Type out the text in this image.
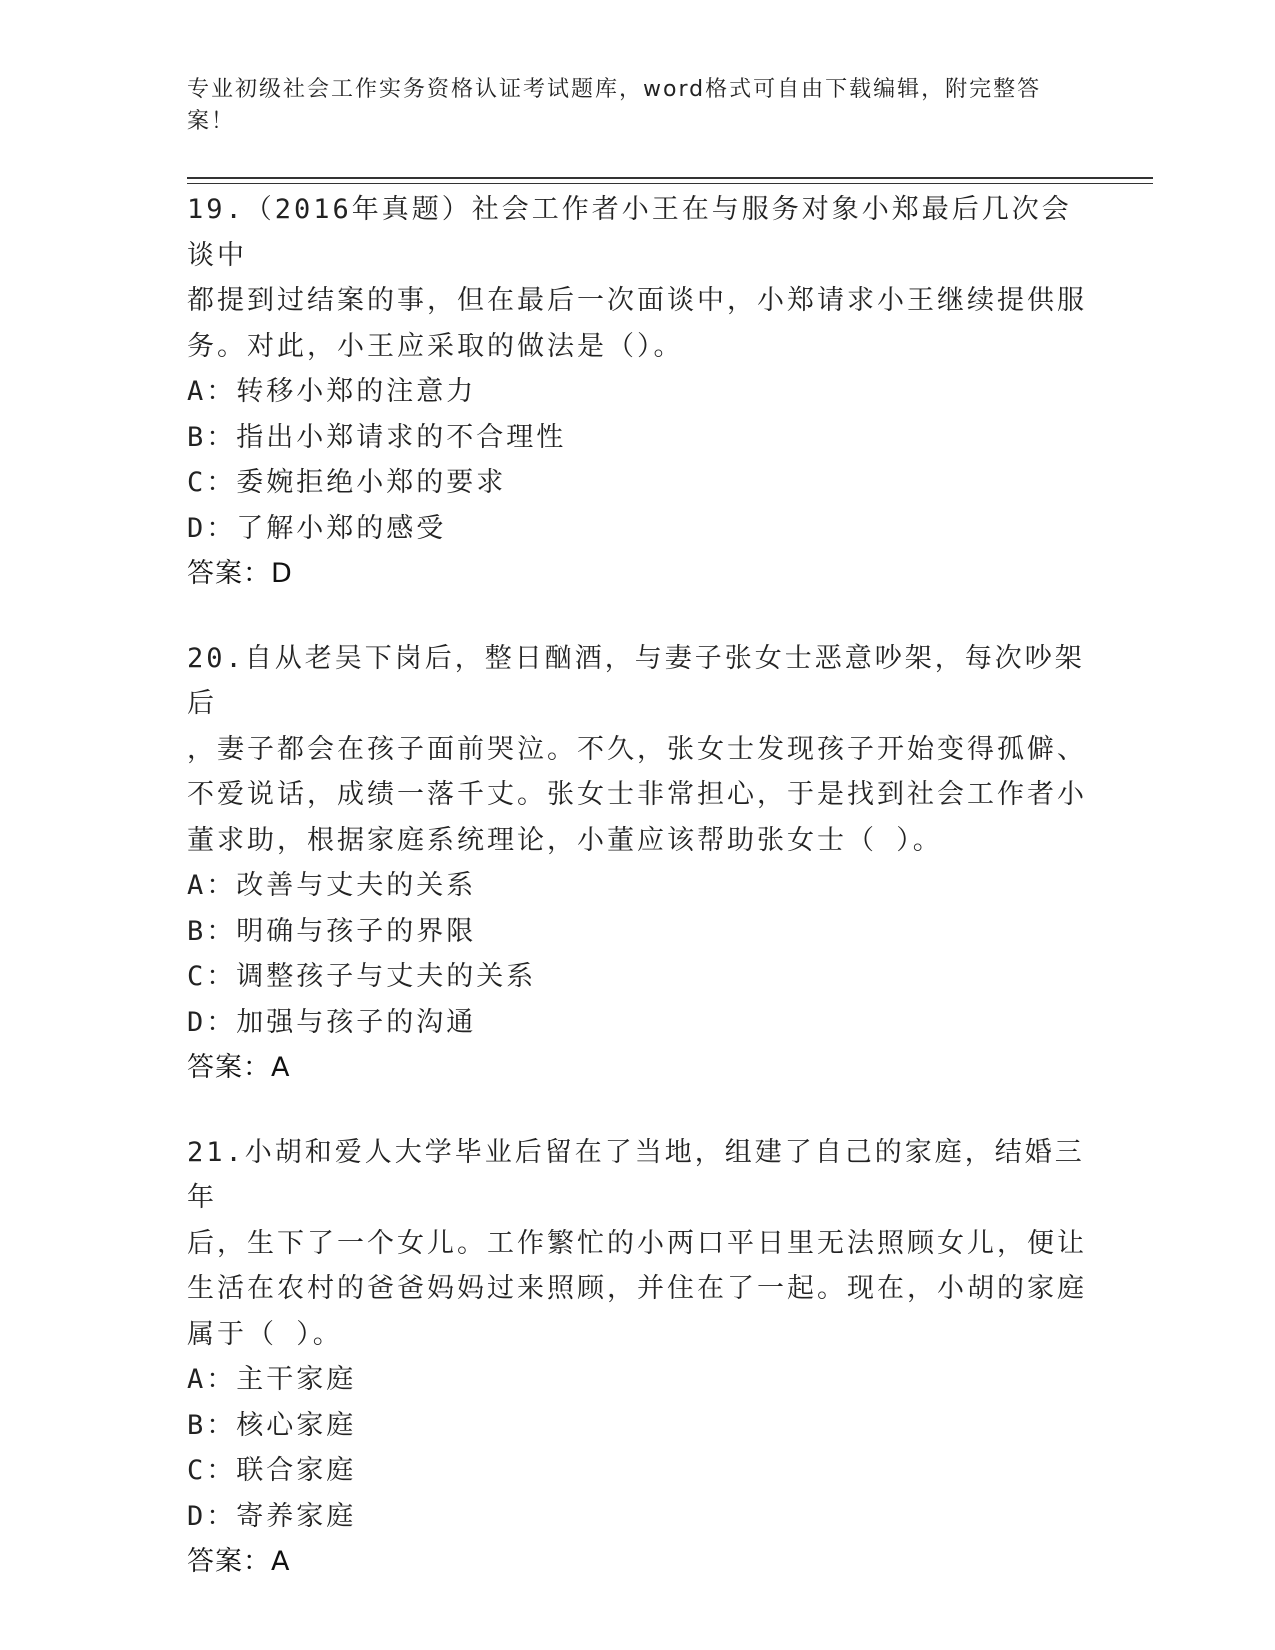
专业初级社会工作实务资格认证考试题库，word格式可自由下载编辑，附完整答案！

19.（2016年真题）社会工作者小王在与服务对象小郑最后几次会谈中

都提到过结案的事，但在最后一次面谈中，小郑请求小王继续提供服

务。对此，小王应采取的做法是（）。

A：转移小郑的注意力

B：指出小郑请求的不合理性

C：委婉拒绝小郑的要求

D：了解小郑的感受

答案：D

20.自从老吴下岗后，整日酗酒，与妻子张女士恶意吵架，每次吵架后

，妻子都会在孩子面前哭泣。不久，张女士发现孩子开始变得孤僻、

不爱说话，成绩一落千丈。张女士非常担心，于是找到社会工作者小

董求助，根据家庭系统理论，小董应该帮助张女士（ ）。

A：改善与丈夫的关系

B：明确与孩子的界限

C：调整孩子与丈夫的关系

D：加强与孩子的沟通

答案：A

21.小胡和爱人大学毕业后留在了当地，组建了自己的家庭，结婚三年

后，生下了一个女儿。工作繁忙的小两口平日里无法照顾女儿，便让

生活在农村的爸爸妈妈过来照顾，并住在了一起。现在，小胡的家庭

属于（ ）。

A：主干家庭

B：核心家庭

C：联合家庭

D：寄养家庭

答案：A
